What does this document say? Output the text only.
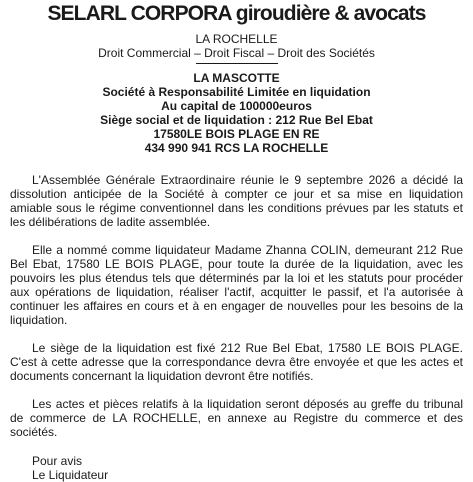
SELARL CORPORA giroudière & avocats
LA ROCHELLE
Droit Commercial – Droit Fiscal – Droit des Sociétés
LA MASCOTTE
Société à Responsabilité Limitée en liquidation
Au capital de 100000euros
Siège social et de liquidation : 212 Rue Bel Ebat
17580LE BOIS PLAGE EN RE
434 990 941 RCS LA ROCHELLE

L'Assemblée Générale Extraordinaire réunie le 9 septembre 2026 a décidé la dissolution anticipée de la Société à compter ce jour et sa mise en liquidation amiable sous le régime conventionnel dans les conditions prévues par les statuts et les délibérations de ladite assemblée.

Elle a nommé comme liquidateur Madame Zhanna COLIN, demeurant 212 Rue Bel Ebat, 17580 LE BOIS PLAGE, pour toute la durée de la liquidation, avec les pouvoirs les plus étendus tels que déterminés par la loi et les statuts pour procéder aux opérations de liquidation, réaliser l'actif, acquitter le passif, et l'a autorisée à continuer les affaires en cours et à en engager de nouvelles pour les besoins de la liquidation.

Le siège de la liquidation est fixé 212 Rue Bel Ebat, 17580 LE BOIS PLAGE. C'est à cette adresse que la correspondance devra être envoyée et que les actes et documents concernant la liquidation devront être notifiés.

Les actes et pièces relatifs à la liquidation seront déposés au greffe du tribunal de commerce de LA ROCHELLE, en annexe au Registre du commerce et des sociétés.

Pour avis
Le Liquidateur
